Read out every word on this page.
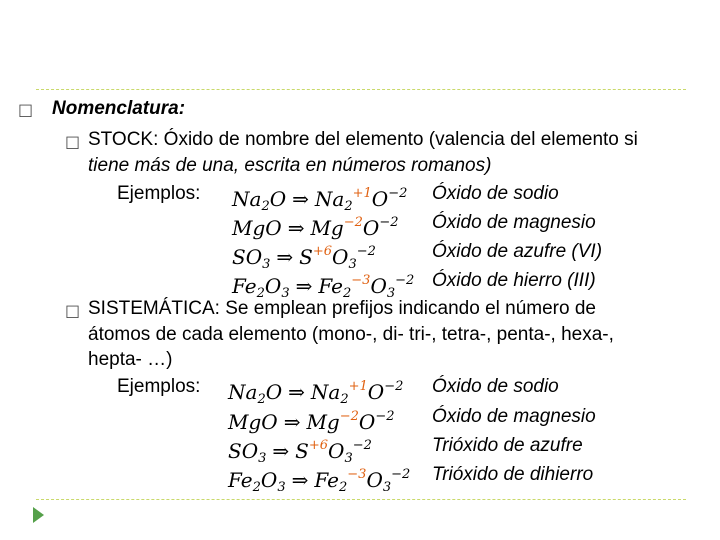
□ Nomenclatura:
□ STOCK: Óxido de nombre del elemento (valencia del elemento si
tiene más de una, escrita en números romanos)
Ejemplos: $Na_2O$ ⇒ $Na_2^{+1}O^{-2}$
MgO ⇒ $Mg^{-2}O^{-2}$
$SO_3$ ⇒ $S^{+6}O_3^{-2}$
$Fe_2O_3$ ⇒ $Fe_2^{-3}O_3^{-2}$
Óxido de sodio
Óxido de magnesio
Óxido de azufre (VI)
Óxido de hierro (III)
□ SISTEMÁTICA: Se emplean prefijos indicando el número de
átomos de cada elemento (mono-, di- tri-, tetra-, penta-, hexa-,
hepta- …)
Ejemplos: $Na_2O$ ⇒ $Na_2^{+1}O^{-2}$
MgO ⇒ $Mg^{-2}O^{-2}$
$SO_3$ ⇒ $S^{+6}O_3^{-2}$
$Fe_2O_3$ ⇒ $Fe_2^{-3}O_3^{-2}$
Óxido de sodio
Óxido de magnesio
Trióxido de azufre
Trióxido de dihierro
